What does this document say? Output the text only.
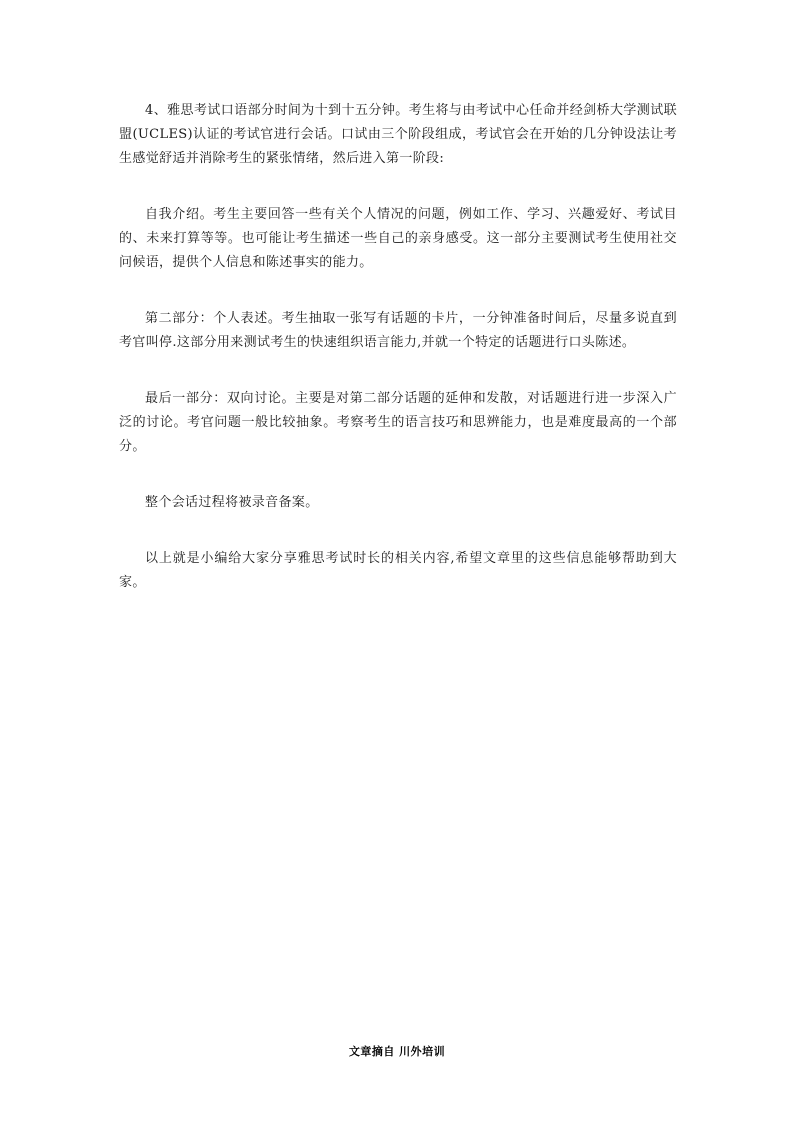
4、雅思考试口语部分时间为十到十五分钟。考生将与由考试中心任命并经剑桥大学测试联盟(UCLES)认证的考试官进行会话。口试由三个阶段组成，考试官会在开始的几分钟设法让考生感觉舒适并消除考生的紧张情绪，然后进入第一阶段:

自我介绍。考生主要回答一些有关个人情况的问题，例如工作、学习、兴趣爱好、考试目的、未来打算等等。也可能让考生描述一些自己的亲身感受。这一部分主要测试考生使用社交问候语，提供个人信息和陈述事实的能力。

第二部分：个人表述。考生抽取一张写有话题的卡片，一分钟准备时间后，尽量多说直到考官叫停.这部分用来测试考生的快速组织语言能力,并就一个特定的话题进行口头陈述。

最后一部分：双向讨论。主要是对第二部分话题的延伸和发散，对话题进行进一步深入广泛的讨论。考官问题一般比较抽象。考察考生的语言技巧和思辨能力，也是难度最高的一个部分。

整个会话过程将被录音备案。

以上就是小编给大家分享雅思考试时长的相关内容,希望文章里的这些信息能够帮助到大家。

文章摘自 川外培训
